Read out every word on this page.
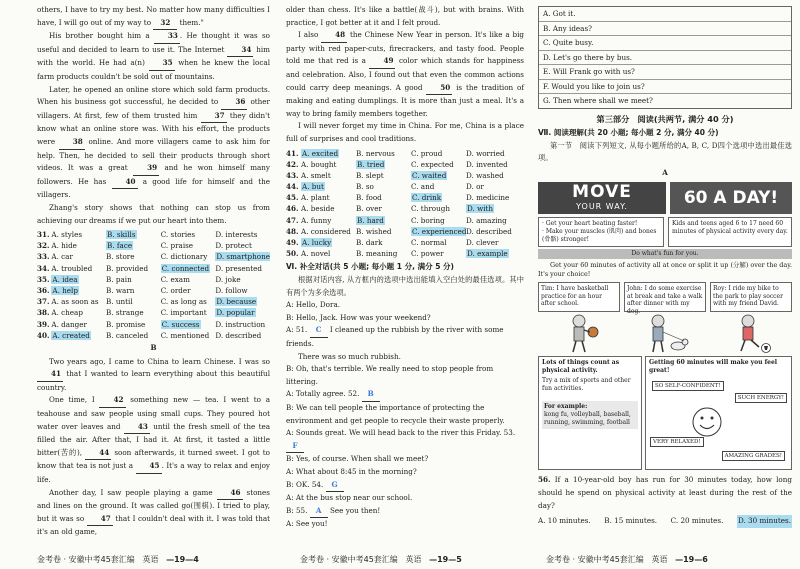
others, I have to try my best. No matter how many difficulties I have, I will go out of my way to 32 them."

His brother bought him a 33 . He thought it was so useful and decided to learn to use it. The Internet 34 him with the world. He had a(n) 35 when he knew the local farm products couldn't be sold out of mountains.

Later, he opened an online store which sold farm products. When his business got successful, he decided to 36 other villagers. At first, few of them trusted him 37 they didn't know what an online store was. With his effort, the products were 38 online. And more villagers came to ask him for help. Then, he decided to sell their products through short videos. It was a great 39 and he won himself many followers. He has 40 a good life for himself and the villagers.

Zhang's story shows that nothing can stop us from achieving our dreams if we put our heart into them.

31. A. styles	B. skills	C. stories	D. interests
32. A. hide	B. face	C. praise	D. protect
33. A. car	B. store	C. dictionary	D. smartphone
34. A. troubled	B. provided	C. connected D. presented
35. A. idea	B. pain	C. exam	D. joke
36. A. help	B. warn	C. order	D. follow
37. A. as soon as	B. until	C. as long as	D. because
38. A. cheap	B. strange	C. important	D. popular
39. A. danger	B. promise	C. success	D. instruction
40. A. created	B. canceled	C. mentioned D. described
B

Two years ago, I came to China to learn Chinese. I was so 41 that I wanted to learn everything about this beautiful country.

One time, I 42 something new — tea. I went to a teahouse and saw people using small cups. They poured hot water over leaves and 43 until the fresh smell of the tea filled the air. After that, I had it. At first, it tasted a little bitter(苦的), 44 soon afterwards, it turned sweet. I got to know that tea is not just a 45 . It's a way to relax and enjoy life.

Another day, I saw people playing a game 46 stones and lines on the ground. It was called go(围棋). I tried to play, but it was so 47 that I couldn't deal with it. I was told that it's an old game,

金考卷 · 安徽中考45套汇编 英语 —19—4

older than chess. It's like a battle(战斗), but with brains. With practice, I got better at it and I felt proud.

I also 48 the Chinese New Year in person. It's like a big party with red paper-cuts, firecrackers, and tasty food. People told me that red is a 49 color which stands for happiness and celebration. Also, I found out that even the common actions could carry deep meanings. A good 50 is the tradition of making and eating dumplings. It is more than just a meal. It's a way to bring family members together.

I will never forget my time in China. For me, China is a place full of surprises and cool traditions.

41. A. excited	B. nervous	C. proud	D. worried
42. A. bought	B. tried	C. expected	D. invented
43. A. smelt	B. slept	C. waited	D. washed
44. A. but	B. so	C. and	D. or
45. A. plant	B. food	C. drink	D. medicine
46. A. beside	B. over	C. through	D. with
47. A. funny	B. hard	C. boring	D. amazing
48. A. considered B. wished	C. experienced D. described
49. A. lucky	B. dark	C. normal	D. clever
50. A. novel	B. meaning	C. power	D. example
Ⅵ. 补全对话(共 5 小题; 每小题 1 分, 满分 5 分)

根据对话内容, 从方框内的选项中选出能填入空白处的最佳选项。其中有两个为多余选项。

A: Hello, Dora.

B: Hello, Jack. How was your weekend?

A: 51. C I cleaned up the rubbish by the river with some friends.

There was so much rubbish.

B: Oh, that's terrible. We really need to stop people from littering.

A: Totally agree. 52. B

B: We can tell people the importance of protecting the environment and get people to recycle their waste properly.

A: Sounds great. We will head back to the river this Friday. 53. F

B: Yes, of course. When shall we meet?

A: What about 8:45 in the morning?

B: OK. 54. G

A: At the bus stop near our school.

B: 55. A See you then!

A: See you!

金考卷 · 安徽中考45套汇编 英语 —19—5
A. Got it.
B. Any ideas?
C. Quite busy.
D. Let's go there by bus.
E. Will Frank go with us?
F. Would you like to join us?
G. Then where shall we meet?
第三部分　阅读(共两节, 满分 40 分)
Ⅶ. 阅读理解(共 20 小题; 每小题 2 分, 满分 40 分)

第一节　阅读下列短文, 从每小题所给的A, B, C, D四个选项中选出最佳选项。

A
MOVE
YOUR WAY.	60 A DAY!
· Get your heart beating faster!
· Make your muscles (肌肉) and bones (骨骼) stronger!
Kids and teens aged 6 to 17 need 60 minutes of physical activity every day.
Do what's fun for you.

Get your 60 minutes of activity all at once or split it up (分解) over the day. It's your choice!

Tim: I have basketball practice for an hour after school.
John: I do some exercise at break and take a walk after dinner with my dog.
Roy: I ride my bike to the park to play soccer with my friend David.
Lots of things count as physical activity.
Try a mix of sports and other fun activities.
For example:
kong fu, volleyball, baseball, running, swimming, football
Getting 60 minutes will make you feel great!
SO SELF-CONFIDENT!
SUCH ENERGY!
VERY RELAXED!
AMAZING GRADES!

56. If a 10-year-old boy has run for 30 minutes today, how long should he spend on physical activity at least during the rest of the day?

A. 10 minutes. B. 15 minutes. C. 20 minutes. D. 30 minutes.
金考卷 · 安徽中考45套汇编 英语 —19—6
